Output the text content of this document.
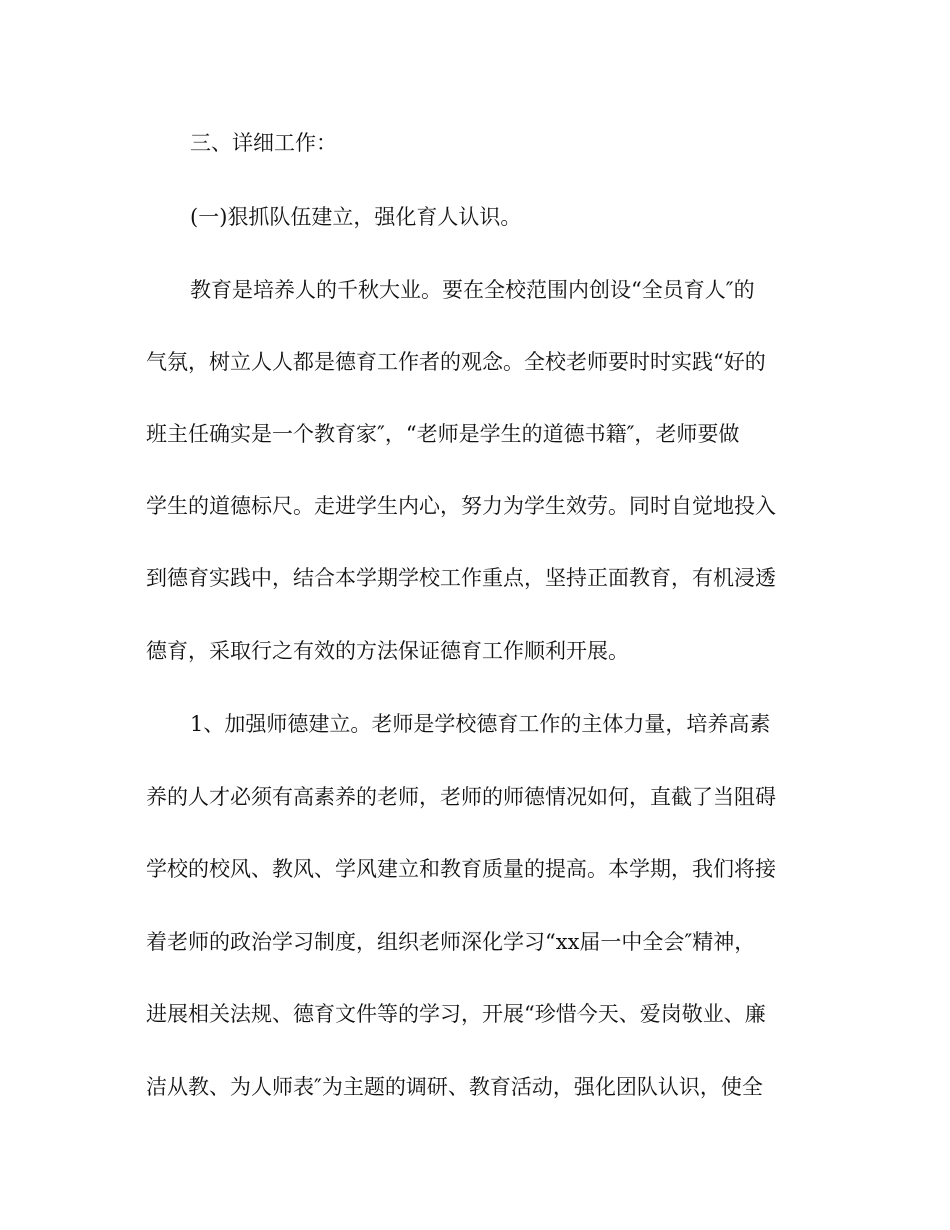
三、详细工作：
(一)狠抓队伍建立，强化育人认识。
教育是培养人的千秋大业。要在全校范围内创设“全员育人″的
气氛，树立人人都是德育工作者的观念。全校老师要时时实践“好的
班主任确实是一个教育家″，“老师是学生的道德书籍″，老师要做
学生的道德标尺。走进学生内心，努力为学生效劳。同时自觉地投入
到德育实践中，结合本学期学校工作重点，坚持正面教育，有机浸透
德育，采取行之有效的方法保证德育工作顺利开展。
1、加强师德建立。老师是学校德育工作的主体力量，培养高素
养的人才必须有高素养的老师，老师的师德情况如何，直截了当阻碍
学校的校风、教风、学风建立和教育质量的提高。本学期，我们将接
着老师的政治学习制度，组织老师深化学习“xx届一中全会″精神，
进展相关法规、德育文件等的学习，开展“珍惜今天、爱岗敬业、廉
洁从教、为人师表″为主题的调研、教育活动，强化团队认识，使全
